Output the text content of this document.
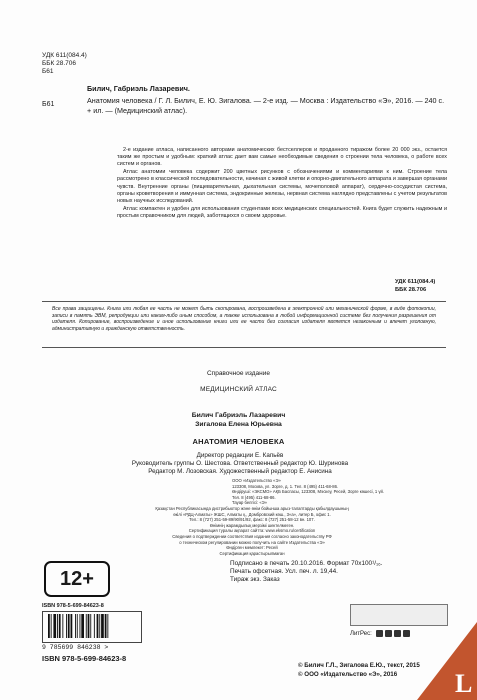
УДК 611(084.4)
ББК 28.706
Б61
Б61
Билич, Габриэль Лазаревич.
Анатомия человека / Г. Л. Билич, Е. Ю. Зигалова. — 2-е изд. — Москва : Издательство «Э», 2016. — 240 с. + ил. — (Медицинский атлас).

2-е издание атласа, написанного авторами анатомических бестселлеров и проданного тиражом более 20 000 экз., остается таким же простым и удобным: краткий атлас дает вам самые необходимые сведения о строении тела человека, о работе всех систем и органов.

Атлас анатомии человека содержит 200 цветных рисунков с обозначениями и комментариями к ним. Строение тела рассмотрено в классической последовательности, начиная с живой клетки и опорно-двигательного аппарата и завершая органами чувств. Внутренние органы (пищеварительная, дыхательная системы, мочеполовой аппарат), сердечно-сосудистая система, органы кроветворения и иммунная система, эндокринные железы, нервная система наглядно представлены с учетом результатов новых научных исследований.

Атлас компактен и удобен для использования студентами всех медицинских специальностей. Книга будет служить надежным и простым справочником для людей, заботящихся о своем здоровье.

УДК 611(084.4)
ББК 28.706
Все права защищены. Книга или любая ее часть не может быть скопирована, воспроизведена в электронной или механической форме, в виде фотокопии, записи в память ЭВМ, репродукции или каким-либо иным способом, а также использована в любой информационной системе без получения разрешения от издателя. Копирование, воспроизведение и иное использование книги или ее части без согласия издателя является незаконным и влечет уголовную, административную и гражданскую ответственность.
Справочное издание
МЕДИЦИНСКИЙ АТЛАС
Билич Габриэль Лазаревич
Зигалова Елена Юрьевна
АНАТОМИЯ ЧЕЛОВЕКА
Директор редакции Е. Капьёв
Руководитель группы О. Шестова. Ответственный редактор Ю. Шуринова
Редактор М. Лозовская. Художественный редактор Е. Анисина
ООО «Издательство «Э»
123308, Москва, ул. Зорге, д. 1. Тел. 8 (495) 411-68-86.
Өндіруші: «ЭКСМО» АҚБ Баспасы, 123308, Мәскеу, Ресей, Зорге көшесі, 1 үй.
Тел. 8 (495) 411-68-86.
Тауар белгісі: «Э»
Қазақстан Республикасында дистрибьютор және өнім бойынша арыз-талаптарды қабылдаушының
өкілі «РДЦ-Алматы» ЖШС, Алматы қ., Домбровский көш., 3«а», литер Б, офис 1.
Тел.: 8 (727) 251-59-89/90/91/92, факс: 8 (727) 251-58-12 вн. 107.
Өнімнің жарамдылық мерзімі шектелмеген.
Сертификация туралы ақпарат сайтта: www.eksmo.ru/certification
Сведения о подтверждении соответствия издания согласно законодательству РФ
о техническом регулировании можно получить на сайте Издательства «Э»
Өндірген мемлекет: Ресей
Сертификация қарастырылмаған
12+
Подписано в печать 20.10.2016. Формат 70x100¹/₁₆.
Печать офсетная. Усл. печ. л. 19,44.
Тираж экз. Заказ
ISBN 978-5-699-84623-8
9 785699 846238 >
ISBN 978-5-699-84623-8
ЛитРес:
© Билич Г.Л., Зигалова Е.Ю., текст, 2015
© ООО «Издательство «Э», 2016	L
